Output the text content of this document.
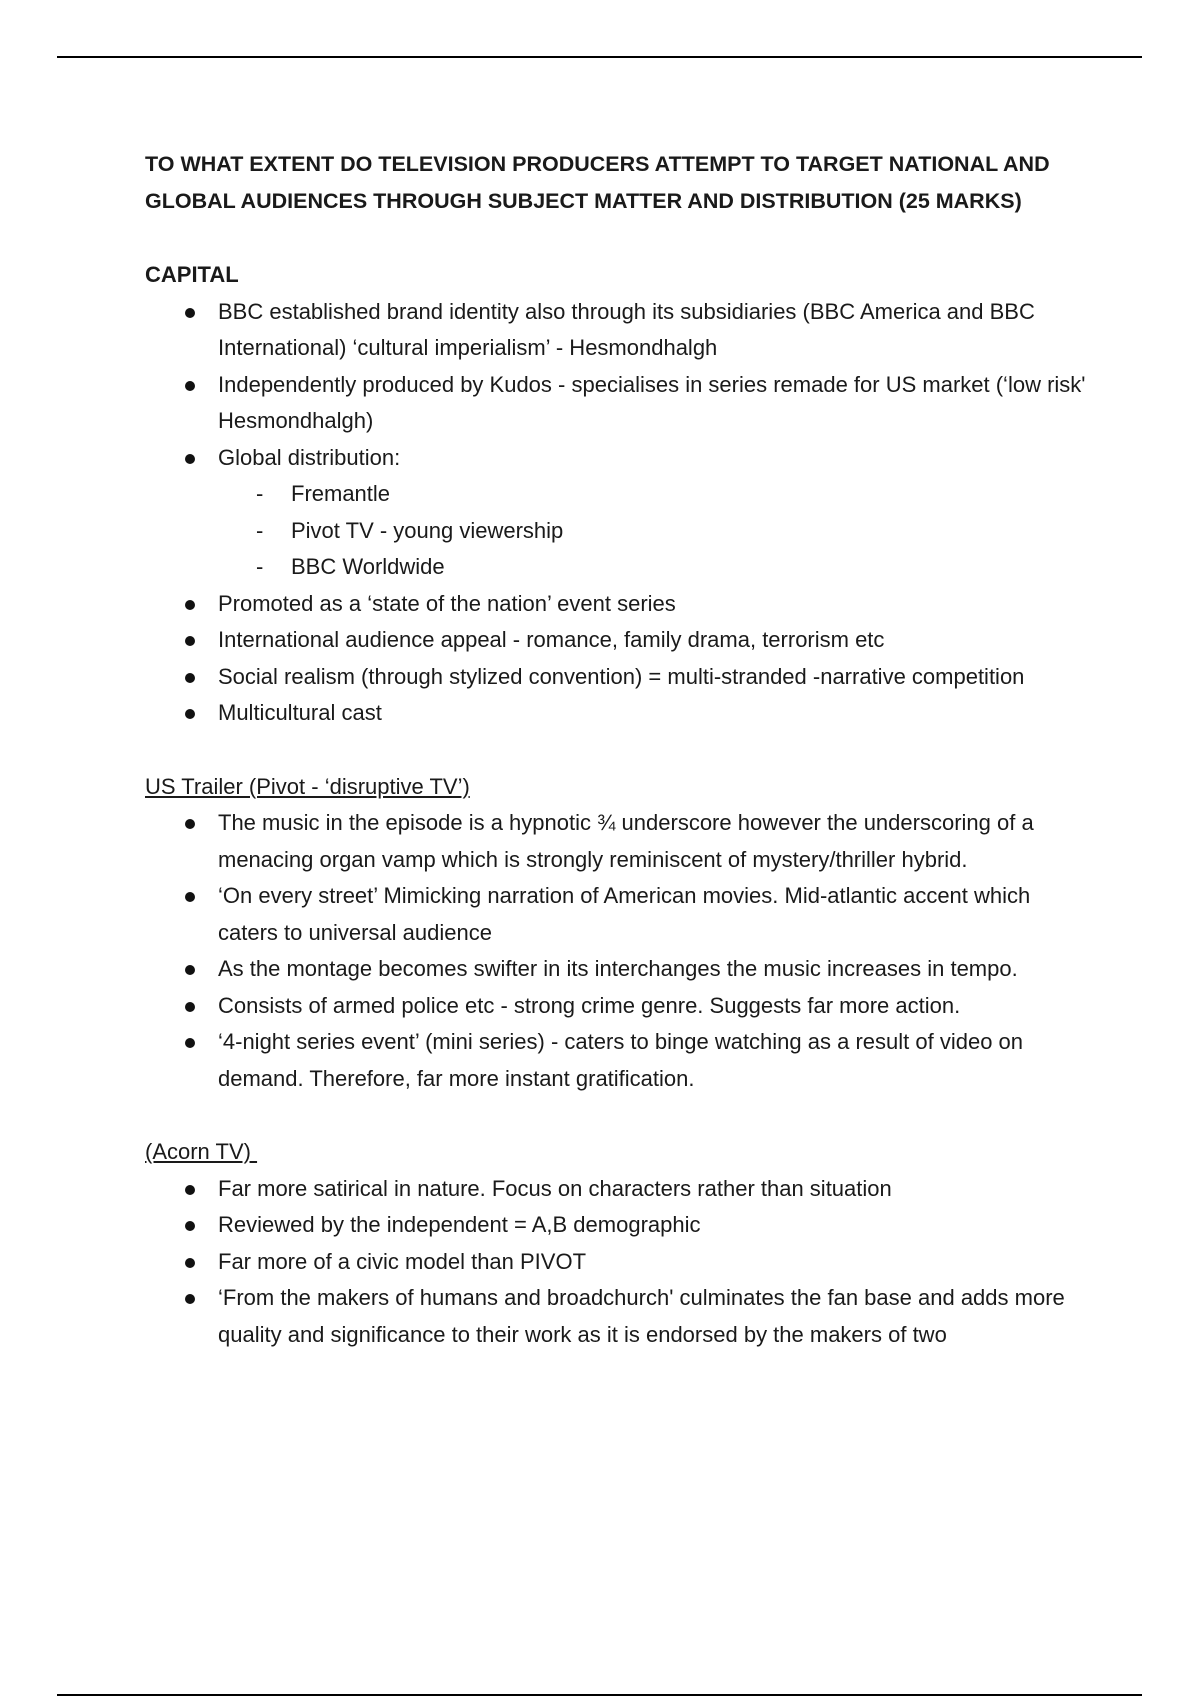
TO WHAT EXTENT DO TELEVISION PRODUCERS ATTEMPT TO TARGET NATIONAL AND
GLOBAL AUDIENCES THROUGH SUBJECT MATTER AND DISTRIBUTION (25 MARKS)

CAPITAL

BBC established brand identity also through its subsidiaries (BBC America and BBC International) ‘cultural imperialism’ - Hesmondhalgh
Independently produced by Kudos - specialises in series remade for US market (‘low risk' Hesmondhalgh)
Global distribution:
- Fremantle
- Pivot TV - young viewership
- BBC Worldwide
Promoted as a ‘state of the nation’ event series
International audience appeal - romance, family drama, terrorism etc
Social realism (through stylized convention) = multi-stranded -narrative competition
Multicultural cast

US Trailer (Pivot - ‘disruptive TV’)

The music in the episode is a hypnotic ¾ underscore however the underscoring of a menacing organ vamp which is strongly reminiscent of mystery/thriller hybrid.
‘On every street’ Mimicking narration of American movies. Mid-atlantic accent which caters to universal audience
As the montage becomes swifter in its interchanges the music increases in tempo.
Consists of armed police etc - strong crime genre. Suggests far more action.
‘4-night series event’ (mini series) - caters to binge watching as a result of video on demand. Therefore, far more instant gratification.

(Acorn TV)

Far more satirical in nature. Focus on characters rather than situation
Reviewed by the independent = A,B demographic
Far more of a civic model than PIVOT
‘From the makers of humans and broadchurch' culminates the fan base and adds more quality and significance to their work as it is endorsed by the makers of two
